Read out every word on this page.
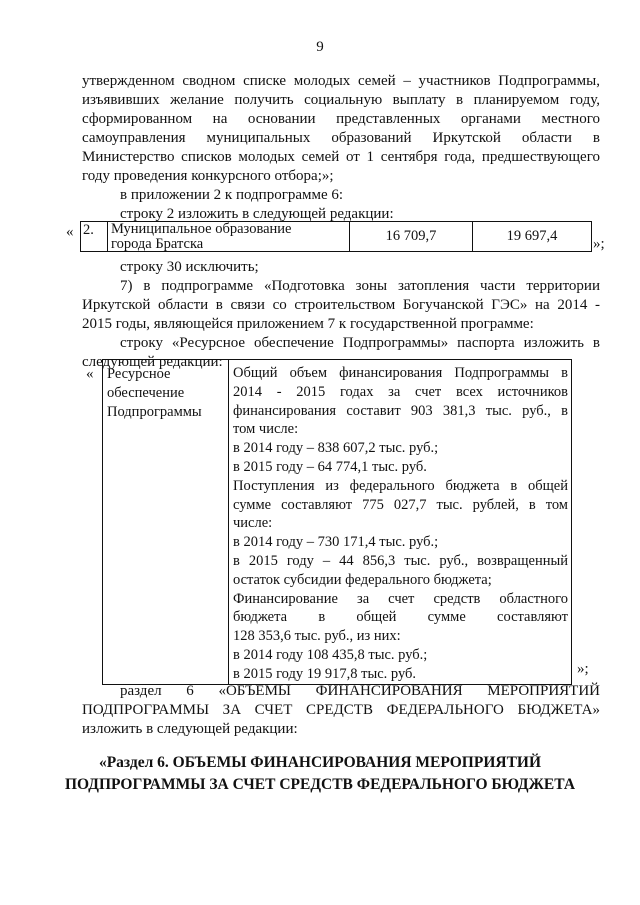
9
утвержденном сводном списке молодых семей – участников Подпрограммы,
изъявивших желание получить социальную выплату в планируемом году,
сформированном на основании представленных органами местного
самоуправления муниципальных образований Иркутской области в
Министерство списков молодых семей от 1 сентября года, предшествующего
году проведения конкурсного отбора;»;
в приложении 2 к подпрограмме 6:
строку 2 изложить в следующей редакции:
« 2.	Муниципальное образование
города Братска	16 709,7	19 697,4 »;
строку 30 исключить;
7) в подпрограмме «Подготовка зоны затопления части территории
Иркутской области в связи со строительством Богучанской ГЭС» на 2014 -
2015 годы, являющейся приложением 7 к государственной программе:
строку «Ресурсное обеспечение Подпрограммы» паспорта изложить в
следующей редакции:
« Ресурсное
обеспечение
Подпрограммы

Общий объем финансирования Подпрограммы в
2014 - 2015 годах за счет всех источников
финансирования составит 903 381,3 тыс. руб., в
том числе:
в 2014 году – 838 607,2 тыс. руб.;
в 2015 году – 64 774,1 тыс. руб.
Поступления из федерального бюджета в общей
сумме составляют 775 027,7 тыс. рублей, в том
числе:
в 2014 году – 730 171,4 тыс. руб.;
в 2015 году – 44 856,3 тыс. руб., возвращенный
остаток субсидии федерального бюджета;
Финансирование за счет средств областного
бюджета в общей сумме составляют
128 353,6 тыс. руб., из них:
в 2014 году 108 435,8 тыс. руб.;
в 2015 году 19 917,8 тыс. руб.	»;
раздел 6 «ОБЪЕМЫ ФИНАНСИРОВАНИЯ МЕРОПРИЯТИЙ
ПОДПРОГРАММЫ ЗА СЧЕТ СРЕДСТВ ФЕДЕРАЛЬНОГО БЮДЖЕТА»
изложить в следующей редакции:
«Раздел 6. ОБЪЕМЫ ФИНАНСИРОВАНИЯ МЕРОПРИЯТИЙ
ПОДПРОГРАММЫ ЗА СЧЕТ СРЕДСТВ ФЕДЕРАЛЬНОГО БЮДЖЕТА
